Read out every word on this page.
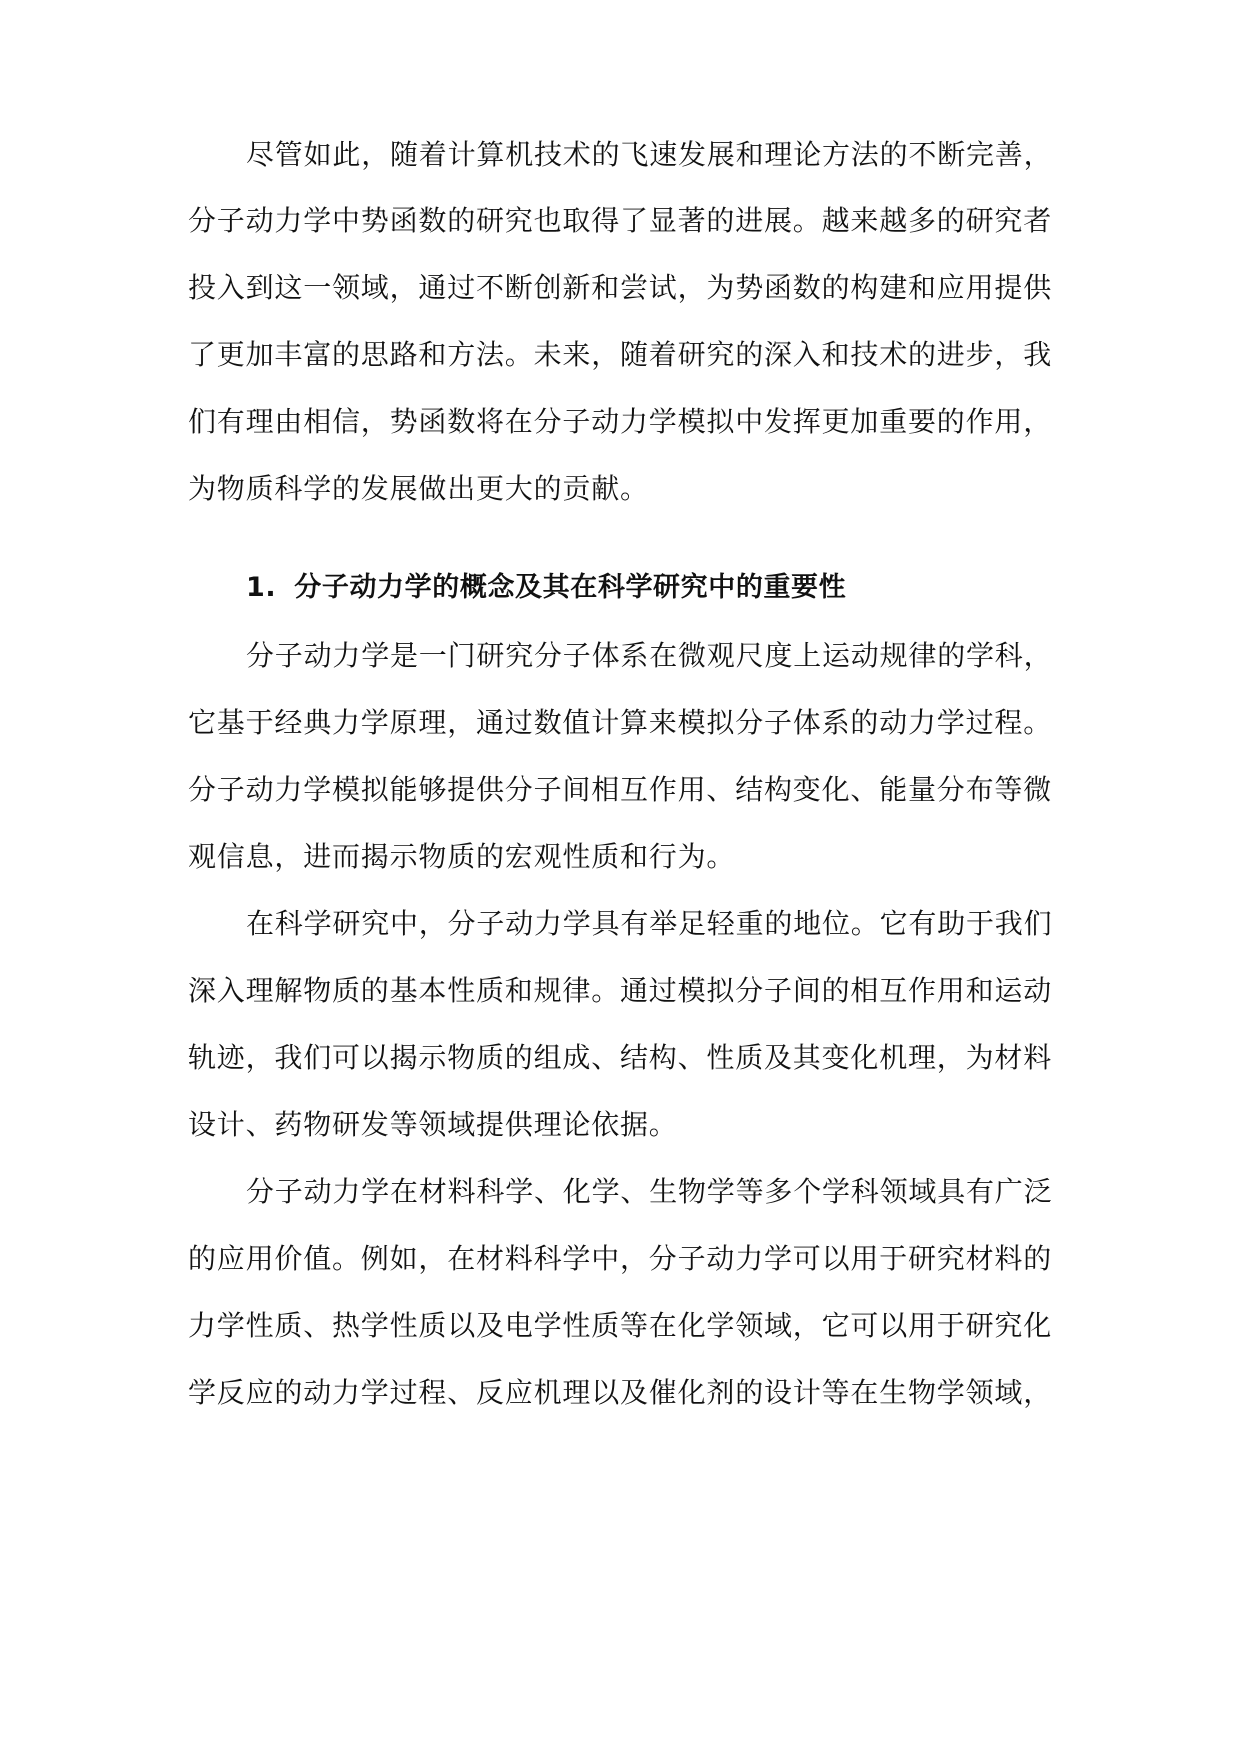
尽管如此，随着计算机技术的飞速发展和理论方法的不断完善，
分子动力学中势函数的研究也取得了显著的进展。越来越多的研究者
投入到这一领域，通过不断创新和尝试，为势函数的构建和应用提供
了更加丰富的思路和方法。未来，随着研究的深入和技术的进步，我
们有理由相信，势函数将在分子动力学模拟中发挥更加重要的作用，
为物质科学的发展做出更大的贡献。
1. 分子动力学的概念及其在科学研究中的重要性
分子动力学是一门研究分子体系在微观尺度上运动规律的学科，
它基于经典力学原理，通过数值计算来模拟分子体系的动力学过程。
分子动力学模拟能够提供分子间相互作用、结构变化、能量分布等微
观信息，进而揭示物质的宏观性质和行为。
在科学研究中，分子动力学具有举足轻重的地位。它有助于我们
深入理解物质的基本性质和规律。通过模拟分子间的相互作用和运动
轨迹，我们可以揭示物质的组成、结构、性质及其变化机理，为材料
设计、药物研发等领域提供理论依据。
分子动力学在材料科学、化学、生物学等多个学科领域具有广泛
的应用价值。例如，在材料科学中，分子动力学可以用于研究材料的
力学性质、热学性质以及电学性质等在化学领域，它可以用于研究化
学反应的动力学过程、反应机理以及催化剂的设计等在生物学领域，
